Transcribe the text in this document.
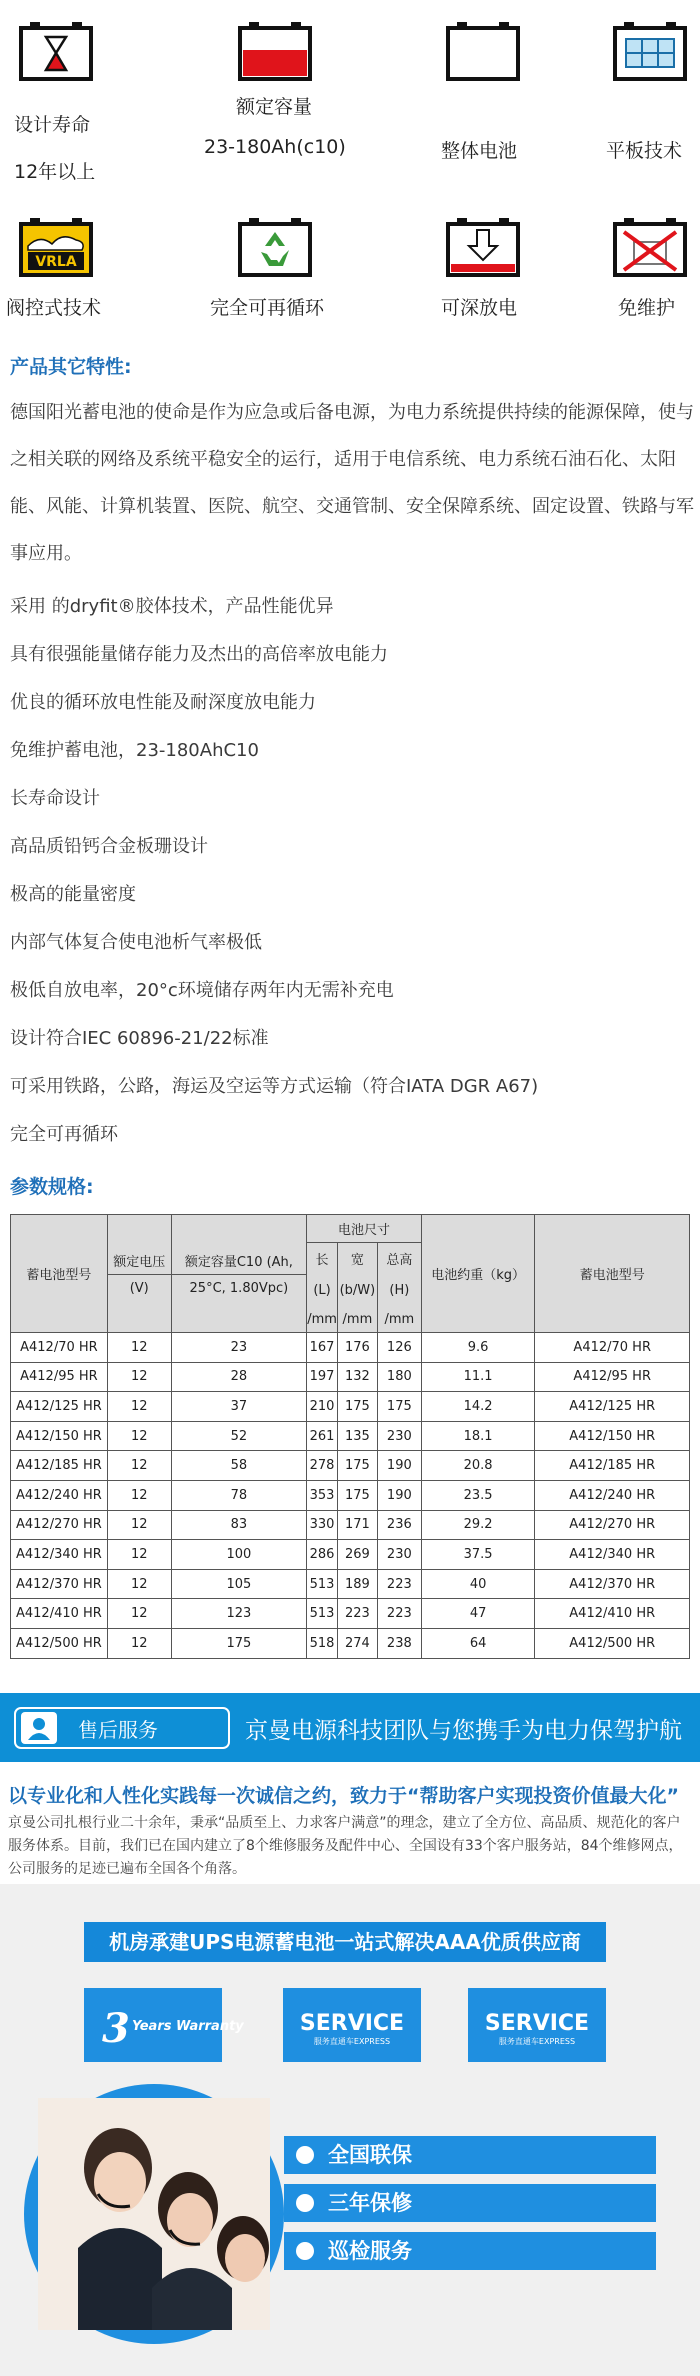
设计寿命
12年以上
额定容量
23-180Ah(c10)	整体电池	平板技术
VRLA
阀控式技术	完全可再循环	可深放电	免维护
产品其它特性:
德国阳光蓄电池的使命是作为应急或后备电源，为电力系统提供持续的能源保障，使与之相关联的网络及系统平稳安全的运行，适用于电信系统、电力系统石油石化、太阳能、风能、计算机装置、医院、航空、交通管制、安全保障系统、固定设置、铁路与军事应用。
采用 的dryfit®胶体技术，产品性能优异
具有很强能量储存能力及杰出的高倍率放电能力
优良的循环放电性能及耐深度放电能力
免维护蓄电池，23-180AhC10
长寿命设计
高品质铅钙合金板珊设计
极高的能量密度
内部气体复合使电池析气率极低
极低自放电率，20°c环境储存两年内无需补充电
设计符合IEC 60896-21/22标准
可采用铁路，公路，海运及空运等方式运输（符合IATA DGR A67)
完全可再循环
参数规格:
蓄电池型号	额定电压	额定容量C10 (Ah,	电池尺寸			电池约重（kg）	蓄电池型号
			长	宽	总高		
	(V)	25°C, 1.80Vpc)	(L)	(b/W)	(H)		
			/mm	/mm	/mm		
A412/70 HR	12	23	167	176	126	9.6	A412/70 HR
A412/95 HR	12	28	197	132	180	11.1	A412/95 HR
A412/125 HR	12	37	210	175	175	14.2	A412/125 HR
A412/150 HR	12	52	261	135	230	18.1	A412/150 HR
A412/185 HR	12	58	278	175	190	20.8	A412/185 HR
A412/240 HR	12	78	353	175	190	23.5	A412/240 HR
A412/270 HR	12	83	330	171	236	29.2	A412/270 HR
A412/340 HR	12	100	286	269	230	37.5	A412/340 HR
A412/370 HR	12	105	513	189	223	40	A412/370 HR
A412/410 HR	12	123	513	223	223	47	A412/410 HR
A412/500 HR	12	175	518	274	238	64	A412/500 HR
售后服务	京曼电源科技团队与您携手为电力保驾护航
以专业化和人性化实践每一次诚信之约，致力于“帮助客户实现投资价值最大化”
京曼公司扎根行业二十余年，秉承“品质至上、力求客户满意”的理念，建立了全方位、高品质、规范化的客户服务体系。目前，我们已在国内建立了8个维修服务及配件中心、全国设有33个客户服务站，84个维修网点，公司服务的足迹已遍布全国各个角落。
机房承建UPS电源蓄电池一站式解决AAA优质供应商
3 Years Warranty	SERVICE
服务直通车EXPRESS
SERVICE
服务直通车EXPRESS
全国联保
三年保修
巡检服务
